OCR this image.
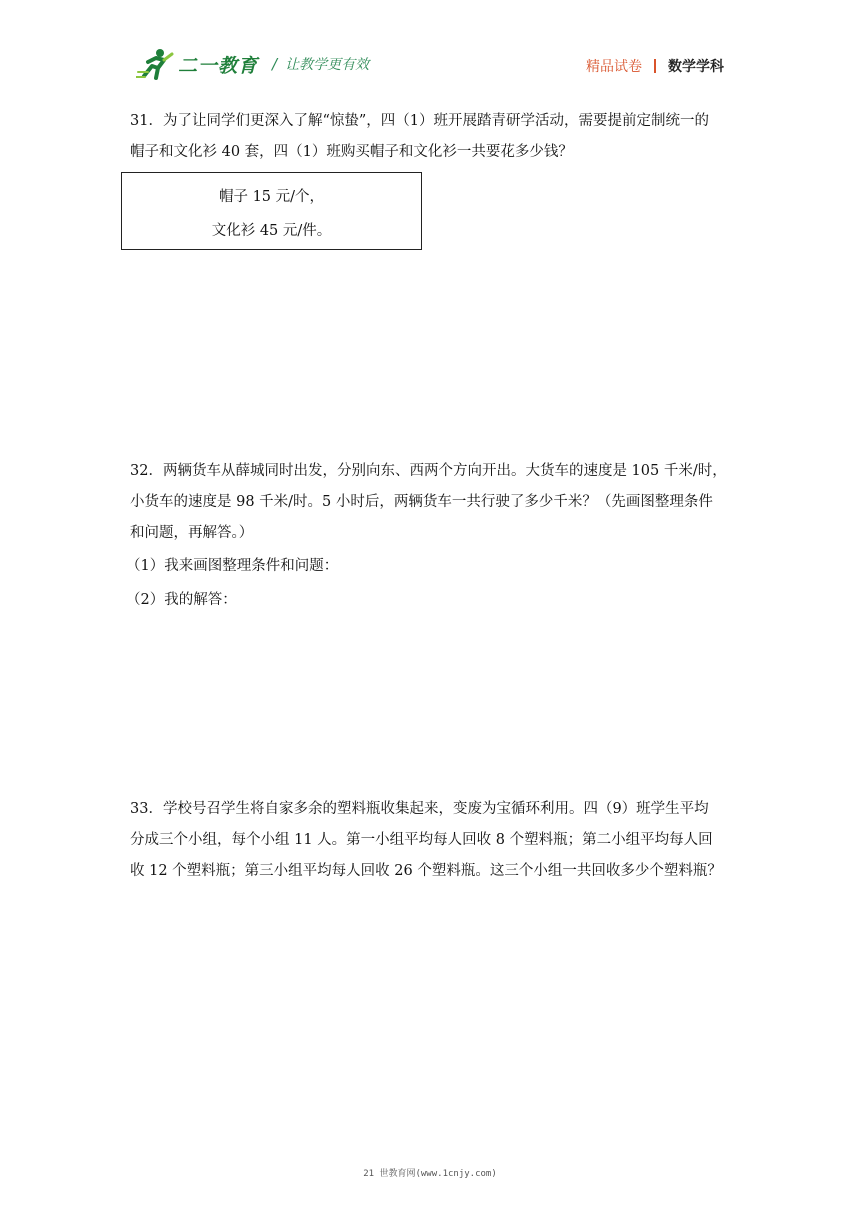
二一教育 / 让教学更有效	精品试卷 数学学科

31．为了让同学们更深入了解“惊蛰”，四（1）班开展踏青研学活动，需要提前定制统一的

帽子和文化衫 40 套，四（1）班购买帽子和文化衫一共要花多少钱？

帽子 15 元/个，
文化衫 45 元/件。

32．两辆货车从薛城同时出发，分别向东、西两个方向开出。大货车的速度是 105 千米/时，

小货车的速度是 98 千米/时。5 小时后，两辆货车一共行驶了多少千米？（先画图整理条件

和问题，再解答。）

（1）我来画图整理条件和问题：

（2）我的解答：

33．学校号召学生将自家多余的塑料瓶收集起来，变废为宝循环利用。四（9）班学生平均

分成三个小组，每个小组 11 人。第一小组平均每人回收 8 个塑料瓶；第二小组平均每人回

收 12 个塑料瓶；第三小组平均每人回收 26 个塑料瓶。这三个小组一共回收多少个塑料瓶？

21 世教育网(www.1cnjy.com)
